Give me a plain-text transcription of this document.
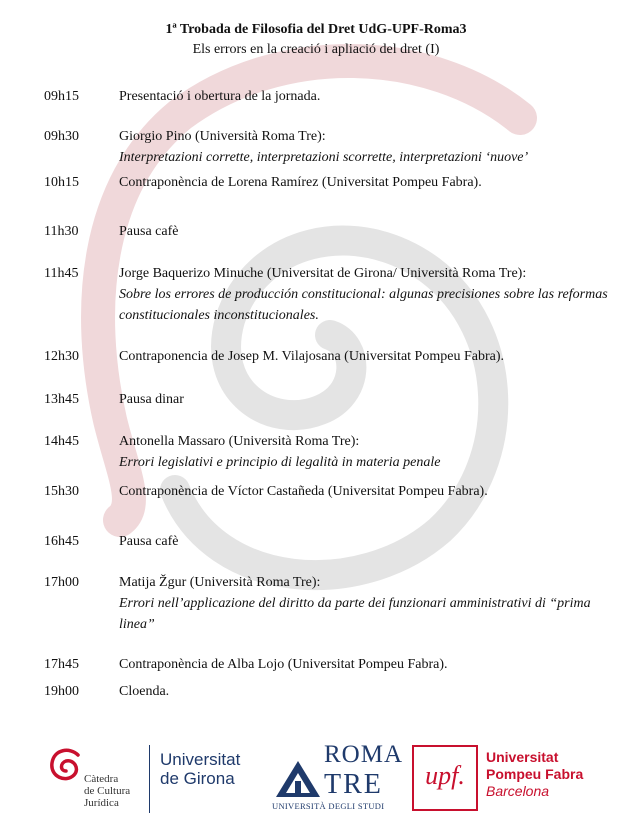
1ª Trobada de Filosofia del Dret UdG-UPF-Roma3
Els errors en la creació i apliació del dret (I)
09h15	Presentació i obertura de la jornada.
09h30	Giorgio Pino (Università Roma Tre):
Interpretazioni corrette, interpretazioni scorrette, interpretazioni ‘nuove’
10h15	Contraponència de Lorena Ramírez (Universitat Pompeu Fabra).
11h30	Pausa cafè
11h45	Jorge Baquerizo Minuche (Universitat de Girona/ Università Roma Tre):
Sobre los errores de producción constitucional: algunas precisiones sobre las reformas constitucionales inconstitucionales.
12h30	Contraponencia de Josep M. Vilajosana (Universitat Pompeu Fabra).
13h45	Pausa dinar
14h45	Antonella Massaro (Università Roma Tre):
Errori legislativi e principio di legalità in materia penale
15h30	Contraponència de Víctor Castañeda (Universitat Pompeu Fabra).
16h45	Pausa cafè
17h00	Matija Žgur (Università Roma Tre):
Errori nell’applicazione del diritto da parte dei funzionari amministrativi di “prima linea”
17h45	Contraponència de Alba Lojo (Universitat Pompeu Fabra).
19h00	Cloenda.
Càtedra
de Cultura
Jurídica
Universitat
de Girona
ROMA
TRE
UNIVERSITÀ DEGLI STUDI
upf.
Universitat
Pompeu Fabra
Barcelona
